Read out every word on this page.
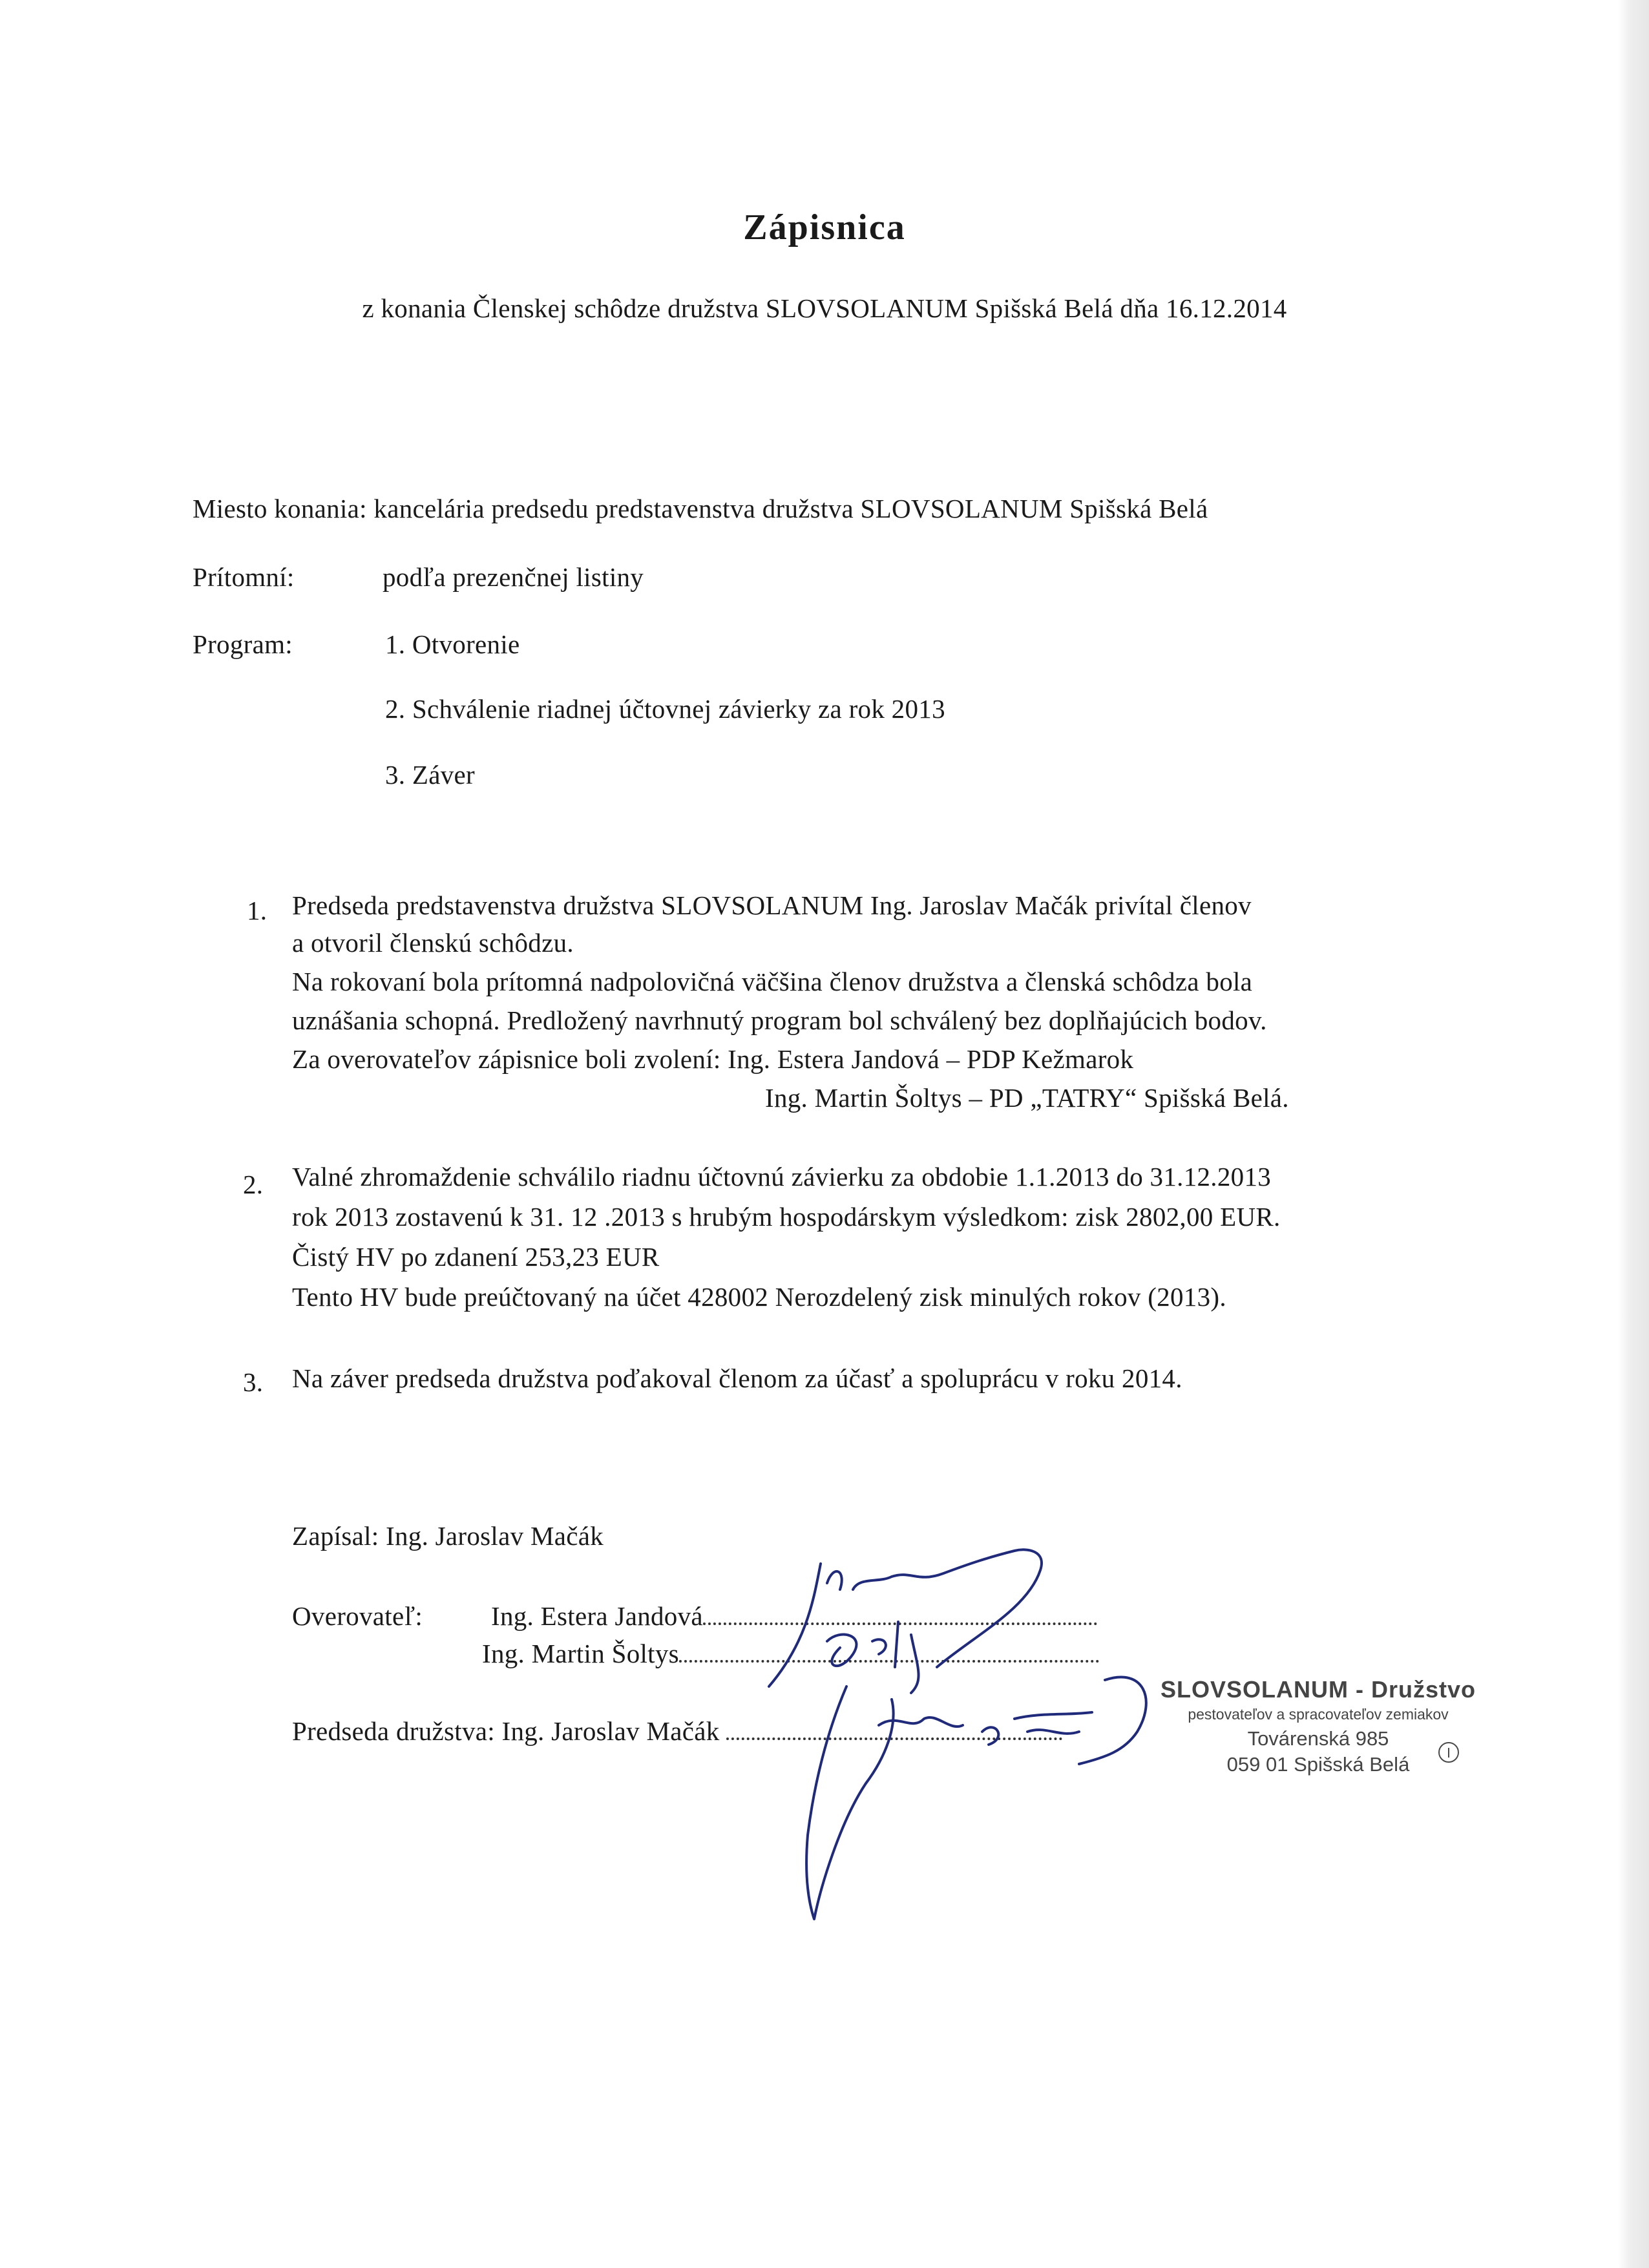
Zápisnica
z konania Členskej schôdze družstva SLOVSOLANUM Spišská Belá dňa 16.12.2014
Miesto konania: kancelária predsedu predstavenstva družstva SLOVSOLANUM Spišská Belá
Prítomní:	podľa prezenčnej listiny
Program:	1. Otvorenie
2. Schválenie riadnej účtovnej závierky za rok 2013
3. Záver
1. Predseda predstavenstva družstva SLOVSOLANUM Ing. Jaroslav Mačák privítal členov
a otvoril členskú schôdzu.
Na rokovaní bola prítomná nadpolovičná väčšina členov družstva a členská schôdza bola
uznášania schopná. Predložený navrhnutý program bol schválený bez doplňajúcich bodov.
Za overovateľov zápisnice boli zvolení: Ing. Estera Jandová – PDP Kežmarok
Ing. Martin Šoltys – PD „TATRY“ Spišská Belá.
2. Valné zhromaždenie schválilo riadnu účtovnú závierku za obdobie 1.1.2013 do 31.12.2013
rok 2013 zostavenú k 31. 12 .2013 s hrubým hospodárskym výsledkom: zisk 2802,00 EUR.
Čistý HV po zdanení 253,23 EUR
Tento HV bude preúčtovaný na účet 428002 Nerozdelený zisk minulých rokov (2013).
3. Na záver predseda družstva poďakoval členom za účasť a spoluprácu v roku 2014.
Zapísal: Ing. Jaroslav Mačák
Overovateľ:	Ing. Estera Jandová
Ing. Martin Šoltys
Predseda družstva: Ing. Jaroslav Mačák
SLOVSOLANUM - Družstvo
pestovateľov a spracovateľov zemiakov
Továrenská 985
059 01 Spišská Belá
